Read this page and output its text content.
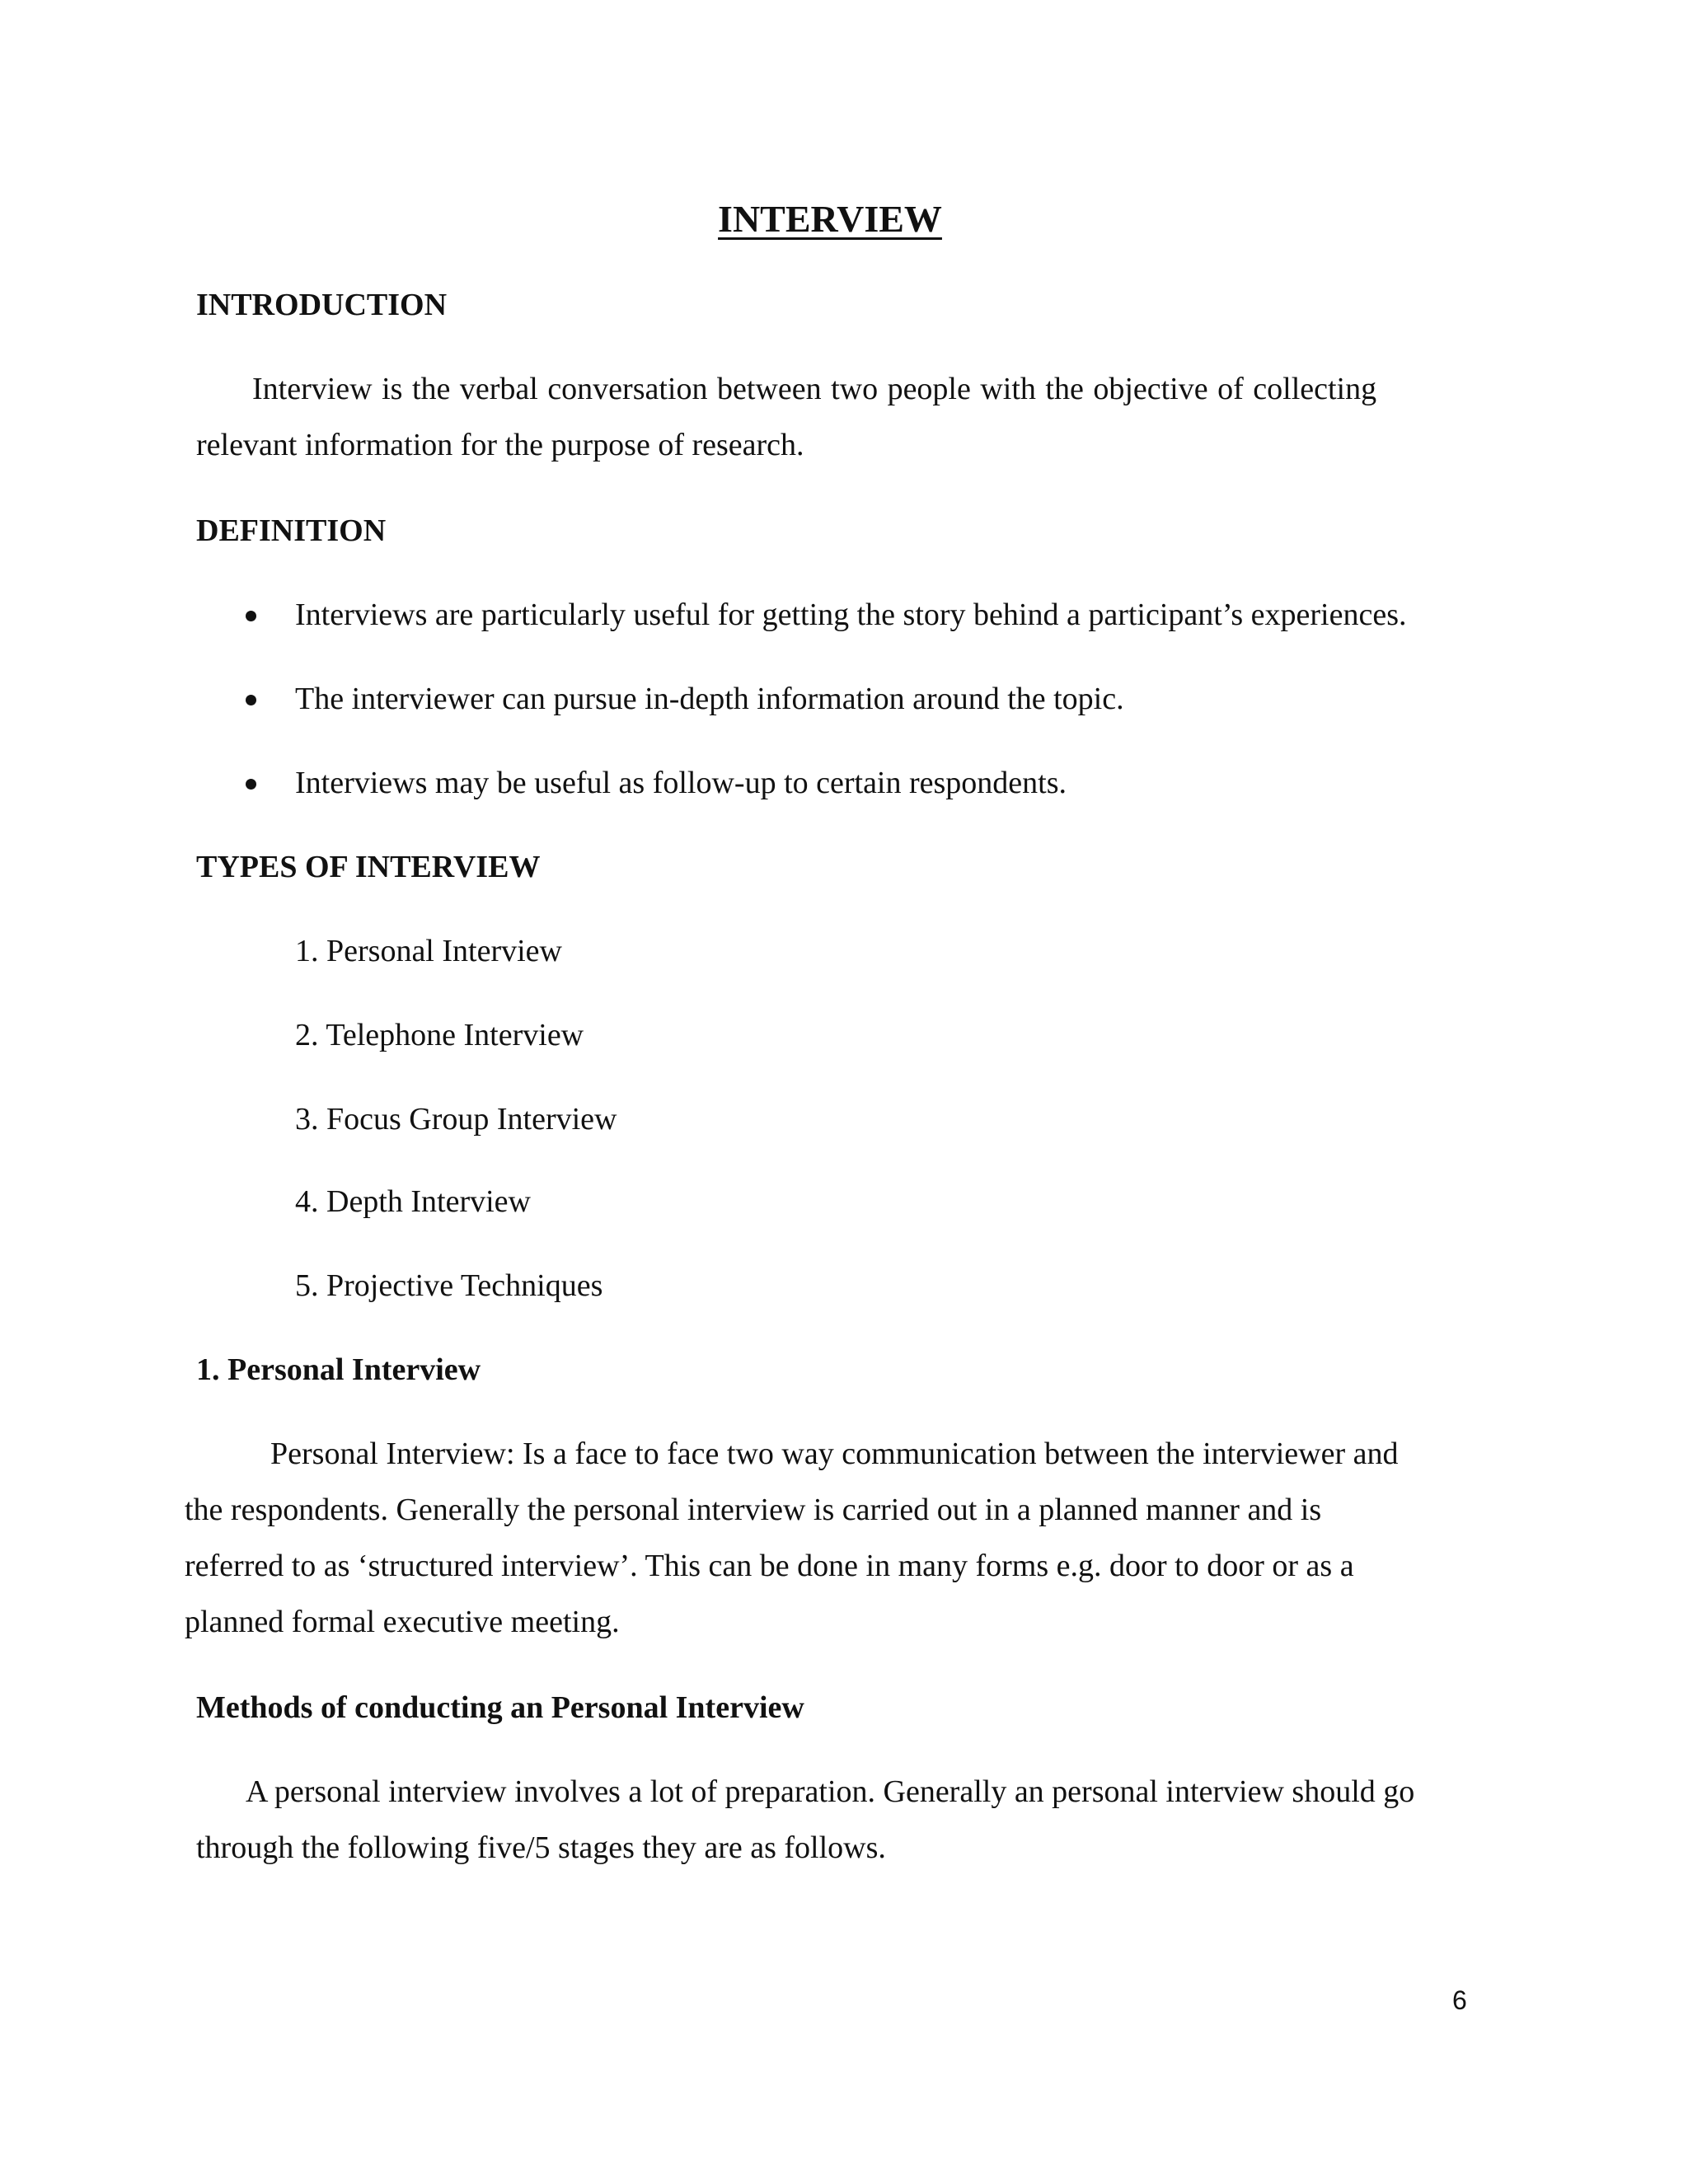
INTERVIEW

INTRODUCTION

Interview is the verbal conversation between two people with the objective of collecting

relevant information for the purpose of research.

DEFINITION

Interviews are particularly useful for getting the story behind a participant’s experiences.

The interviewer can pursue in-depth information around the topic.

Interviews may be useful as follow-up to certain respondents.

TYPES OF INTERVIEW

1. Personal Interview

2. Telephone Interview

3. Focus Group Interview

4. Depth Interview

5. Projective Techniques

1. Personal Interview

Personal Interview: Is a face to face two way communication between the interviewer and

the respondents. Generally the personal interview is carried out in a planned manner and is

referred to as ‘structured interview’. This can be done in many forms e.g. door to door or as a

planned formal executive meeting.

Methods of conducting an Personal Interview

A personal interview involves a lot of preparation. Generally an personal interview should go

through the following five/5 stages they are as follows.

6
